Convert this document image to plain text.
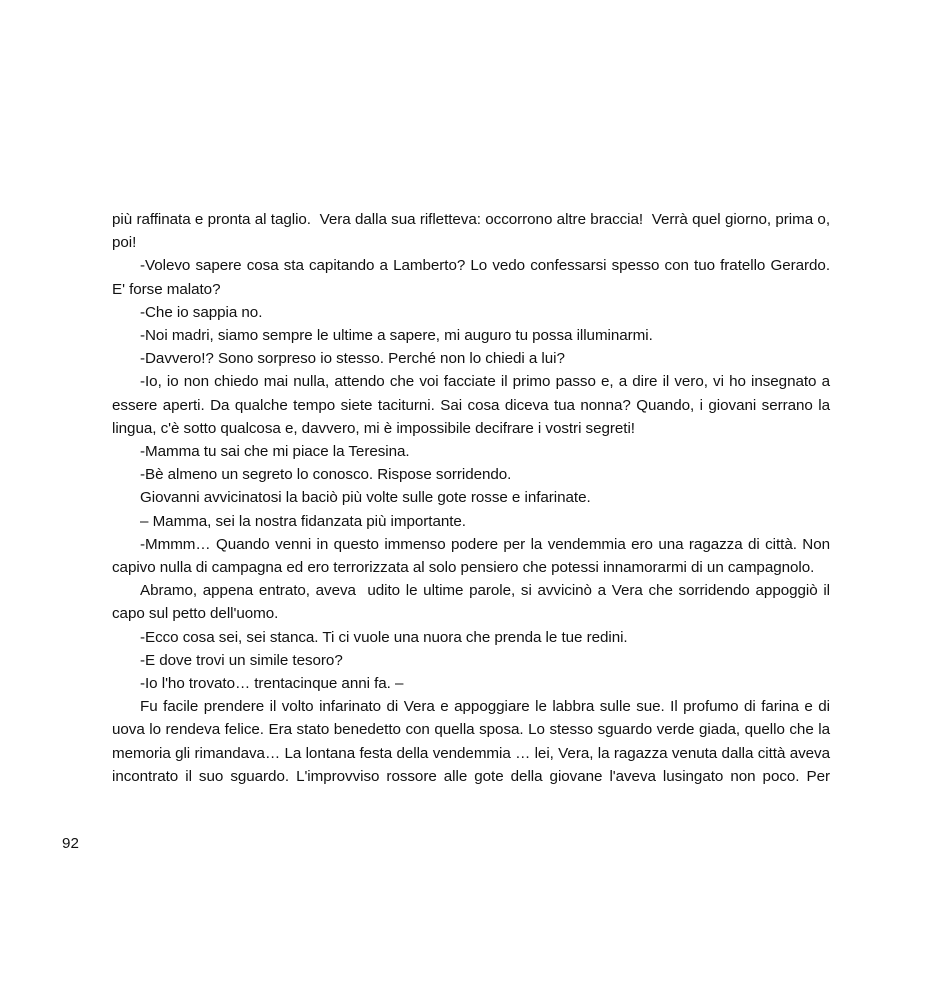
più raffinata e pronta al taglio.  Vera dalla sua rifletteva: occorrono altre braccia!  Verrà quel giorno, prima o, poi!

-Volevo sapere cosa sta capitando a Lamberto? Lo vedo confessarsi spesso con tuo fratello Gerardo. E' forse malato?

-Che io sappia no.

-Noi madri, siamo sempre le ultime a sapere, mi auguro tu possa illuminarmi.

-Davvero!? Sono sorpreso io stesso. Perché non lo chiedi a lui?

-Io, io non chiedo mai nulla, attendo che voi facciate il primo passo e, a dire il vero, vi ho insegnato a essere aperti. Da qualche tempo siete taciturni. Sai cosa diceva tua nonna? Quando, i giovani serrano la lingua, c'è sotto qualcosa e, davvero, mi è impossibile decifrare i vostri segreti!

-Mamma tu sai che mi piace la Teresina.

-Bè almeno un segreto lo conosco. Rispose sorridendo.

Giovanni avvicinatosi la baciò più volte sulle gote rosse e infarinate.

– Mamma, sei la nostra fidanzata più importante.

-Mmmm… Quando venni in questo immenso podere per la vendemmia ero una ragazza di città. Non capivo nulla di campagna ed ero terrorizzata al solo pensiero che potessi innamorarmi di un campagnolo.

Abramo, appena entrato, aveva  udito le ultime parole, si avvicinò a Vera che sorridendo appoggiò il capo sul petto dell'uomo.

-Ecco cosa sei, sei stanca. Ti ci vuole una nuora che prenda le tue redini.

-E dove trovi un simile tesoro?

-Io l'ho trovato… trentacinque anni fa. –

Fu facile prendere il volto infarinato di Vera e appoggiare le labbra sulle sue. Il profumo di farina e di uova lo rendeva felice. Era stato benedetto con quella sposa. Lo stesso sguardo verde giada, quello che la memoria gli rimandava… La lontana festa della vendemmia … lei, Vera, la ragazza venuta dalla città aveva incontrato il suo sguardo. L'improvviso rossore alle gote della giovane l'aveva lusingato non poco. Per

92
